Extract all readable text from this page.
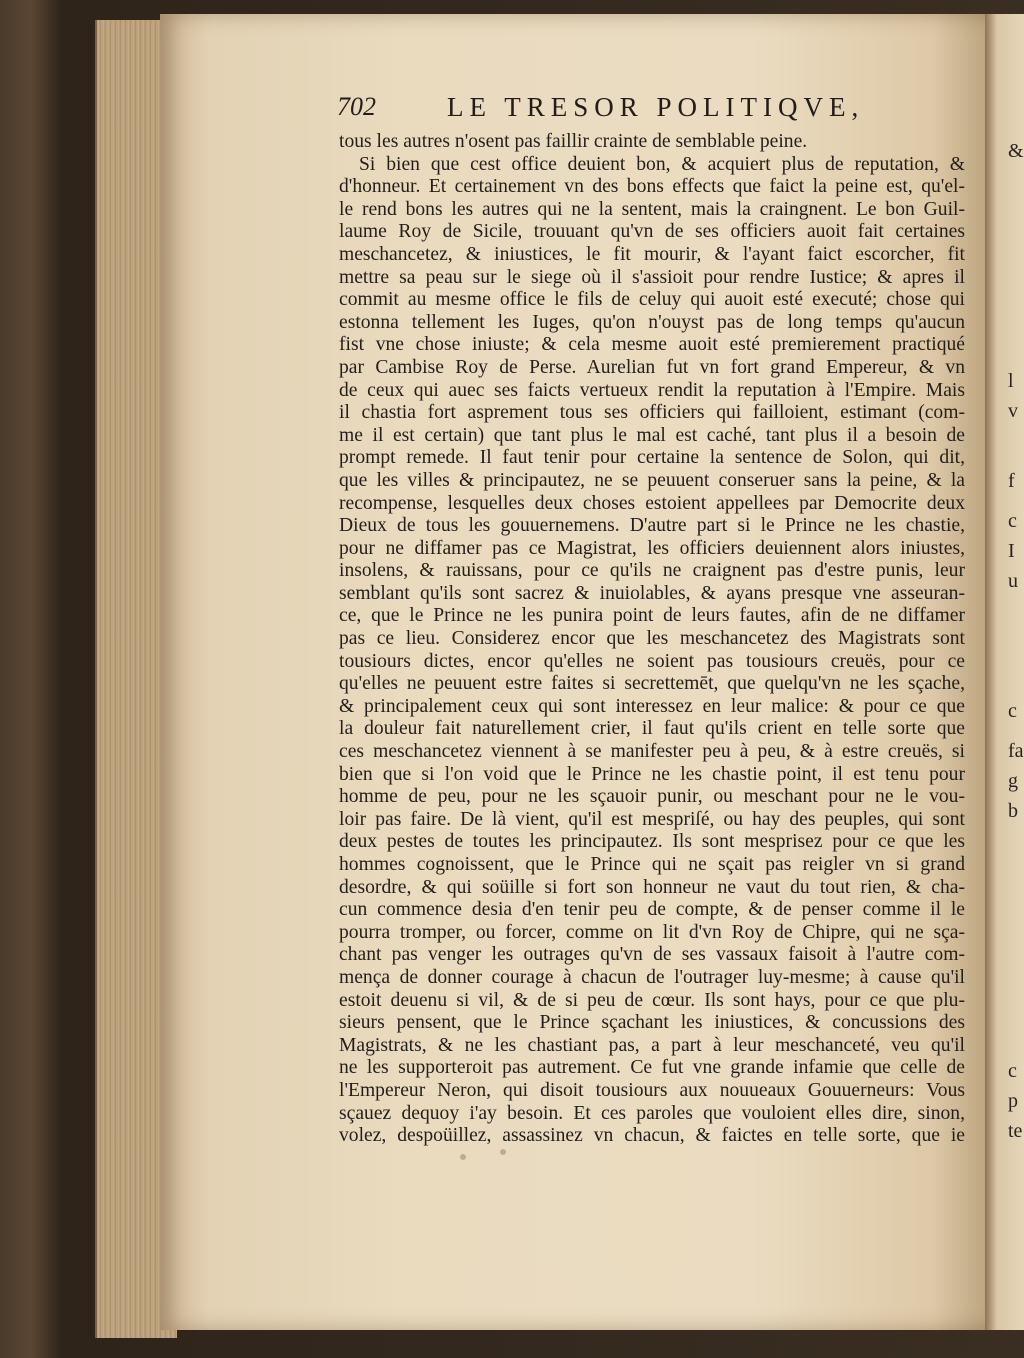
&
l
v
f
c
I
u
c
fa
g
b
c
p
te
702	LE TRESOR POLITIQVE,
tous les autres n'osent pas faillir crainte de semblable peine.
Si bien que cest office deuient bon, & acquiert plus de reputation, &
d'honneur. Et certainement vn des bons effects que faict la peine est, qu'el-
le rend bons les autres qui ne la sentent, mais la craingnent. Le bon Guil-
laume Roy de Sicile, trouuant qu'vn de ses officiers auoit fait certaines
meschancetez, & iniustices, le fit mourir, & l'ayant faict escorcher, fit
mettre sa peau sur le siege où il s'assioit pour rendre Iustice; & apres il
commit au mesme office le fils de celuy qui auoit esté executé; chose qui
estonna tellement les Iuges, qu'on n'ouyst pas de long temps qu'aucun
fist vne chose iniuste; & cela mesme auoit esté premierement practiqué
par Cambise Roy de Perse. Aurelian fut vn fort grand Empereur, & vn
de ceux qui auec ses faicts vertueux rendit la reputation à l'Empire. Mais
il chastia fort asprement tous ses officiers qui failloient, estimant (com-
me il est certain) que tant plus le mal est caché, tant plus il a besoin de
prompt remede. Il faut tenir pour certaine la sentence de Solon, qui dit,
que les villes & principautez, ne se peuuent conseruer sans la peine, & la
recompense, lesquelles deux choses estoient appellees par Democrite deux
Dieux de tous les gouuernemens. D'autre part si le Prince ne les chastie,
pour ne diffamer pas ce Magistrat, les officiers deuiennent alors iniustes,
insolens, & rauissans, pour ce qu'ils ne craignent pas d'estre punis, leur
semblant qu'ils sont sacrez & inuiolables, & ayans presque vne asseuran-
ce, que le Prince ne les punira point de leurs fautes, afin de ne diffamer
pas ce lieu. Considerez encor que les meschancetez des Magistrats sont
tousiours dictes, encor qu'elles ne soient pas tousiours creuës, pour ce
qu'elles ne peuuent estre faites si secrettemēt, que quelqu'vn ne les sçache,
& principalement ceux qui sont interessez en leur malice: & pour ce que
la douleur fait naturellement crier, il faut qu'ils crient en telle sorte que
ces meschancetez viennent à se manifester peu à peu, & à estre creuës, si
bien que si l'on void que le Prince ne les chastie point, il est tenu pour
homme de peu, pour ne les sçauoir punir, ou meschant pour ne le vou-
loir pas faire. De là vient, qu'il est mespriſé, ou hay des peuples, qui sont
deux pestes de toutes les principautez. Ils sont mesprisez pour ce que les
hommes cognoissent, que le Prince qui ne sçait pas reigler vn si grand
desordre, & qui soüille si fort son honneur ne vaut du tout rien, & cha-
cun commence desia d'en tenir peu de compte, & de penser comme il le
pourra tromper, ou forcer, comme on lit d'vn Roy de Chipre, qui ne sça-
chant pas venger les outrages qu'vn de ses vassaux faisoit à l'autre com-
mença de donner courage à chacun de l'outrager luy-mesme; à cause qu'il
estoit deuenu si vil, & de si peu de cœur. Ils sont hays, pour ce que plu-
sieurs pensent, que le Prince sçachant les iniustices, & concussions des
Magistrats, & ne les chastiant pas, a part à leur meschanceté, veu qu'il
ne les supporteroit pas autrement. Ce fut vne grande infamie que celle de
l'Empereur Neron, qui disoit tousiours aux nouueaux Gouuerneurs: Vous
sçauez dequoy i'ay besoin. Et ces paroles que vouloient elles dire, sinon,
volez, despoüillez, assassinez vn chacun, & faictes en telle sorte, que ie
